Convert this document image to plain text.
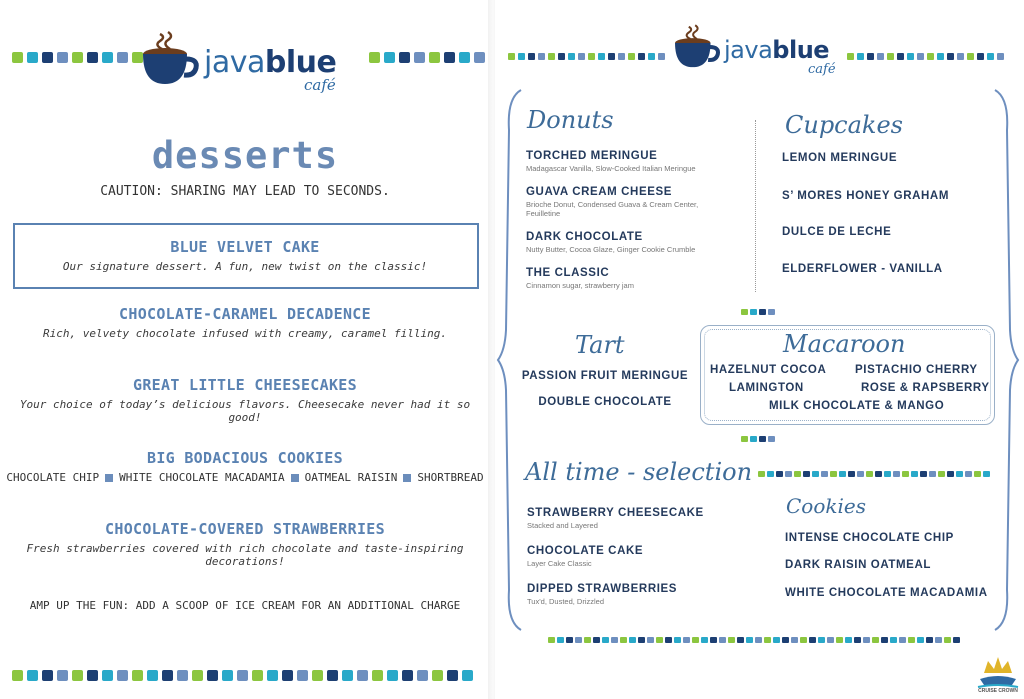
javablue
café
desserts
CAUTION: SHARING MAY LEAD TO SECONDS.
BLUE VELVET CAKE
Our signature dessert. A fun, new twist on the classic!
CHOCOLATE-CARAMEL DECADENCE
Rich, velvety chocolate infused with creamy, caramel filling.
GREAT LITTLE CHEESECAKES
Your choice of today’s delicious flavors. Cheesecake never had it so good!
BIG BODACIOUS COOKIES
CHOCOLATE CHIP WHITE CHOCOLATE MACADAMIA OATMEAL RAISIN SHORTBREAD
CHOCOLATE-COVERED STRAWBERRIES
Fresh strawberries covered with rich chocolate and taste-inspiring decorations!
AMP UP THE FUN: ADD A SCOOP OF ICE CREAM FOR AN ADDITIONAL CHARGE
javablue
café
Donuts
TORCHED MERINGUE
Madagascar Vanilla, Slow-Cooked Italian Meringue
GUAVA CREAM CHEESE
Brioche Donut, Condensed Guava & Cream Center,
Feuilletine
DARK CHOCOLATE
Nutty Butter, Cocoa Glaze, Ginger Cookie Crumble
THE CLASSIC
Cinnamon sugar, strawberry jam
Cupcakes
LEMON MERINGUE
S’ MORES HONEY GRAHAM
DULCE DE LECHE
ELDERFLOWER - VANILLA
Tart
PASSION FRUIT MERINGUE
DOUBLE CHOCOLATE
Macaroon
HAZELNUT COCOA PISTACHIO CHERRY
LAMINGTON	ROSE & RAPSBERRY
MILK CHOCOLATE & MANGO
All time - selection
STRAWBERRY CHEESECAKE
Stacked and Layered
CHOCOLATE CAKE
Layer Cake Classic
DIPPED STRAWBERRIES
Tux'd, Dusted, Drizzled
Cookies
INTENSE CHOCOLATE CHIP
DARK RAISIN OATMEAL
WHITE CHOCOLATE MACADAMIA
CRUISE CROWN
